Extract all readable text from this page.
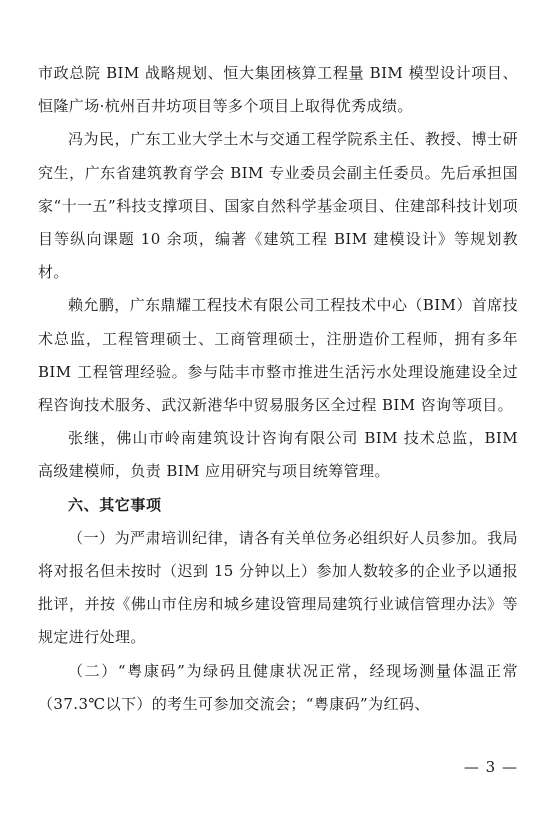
市政总院 BIM 战略规划、恒大集团核算工程量 BIM 模型设计项目、恒隆广场·杭州百井坊项目等多个项目上取得优秀成绩。

冯为民，广东工业大学土木与交通工程学院系主任、教授、博士研究生，广东省建筑教育学会 BIM 专业委员会副主任委员。先后承担国家“十一五”科技支撑项目、国家自然科学基金项目、住建部科技计划项目等纵向课题 10 余项，编著《建筑工程 BIM 建模设计》等规划教材。

赖允鹏，广东鼎耀工程技术有限公司工程技术中心（BIM）首席技术总监，工程管理硕士、工商管理硕士，注册造价工程师，拥有多年 BIM 工程管理经验。参与陆丰市整市推进生活污水处理设施建设全过程咨询技术服务、武汉新港华中贸易服务区全过程 BIM 咨询等项目。

张继，佛山市岭南建筑设计咨询有限公司 BIM 技术总监，BIM 高级建模师，负责 BIM 应用研究与项目统筹管理。

六、其它事项

（一）为严肃培训纪律，请各有关单位务必组织好人员参加。我局将对报名但未按时（迟到 15 分钟以上）参加人数较多的企业予以通报批评，并按《佛山市住房和城乡建设管理局建筑行业诚信管理办法》等规定进行处理。

（二）“粤康码”为绿码且健康状况正常，经现场测量体温正常（37.3℃以下）的考生可参加交流会；“粤康码”为红码、

— 3 —
